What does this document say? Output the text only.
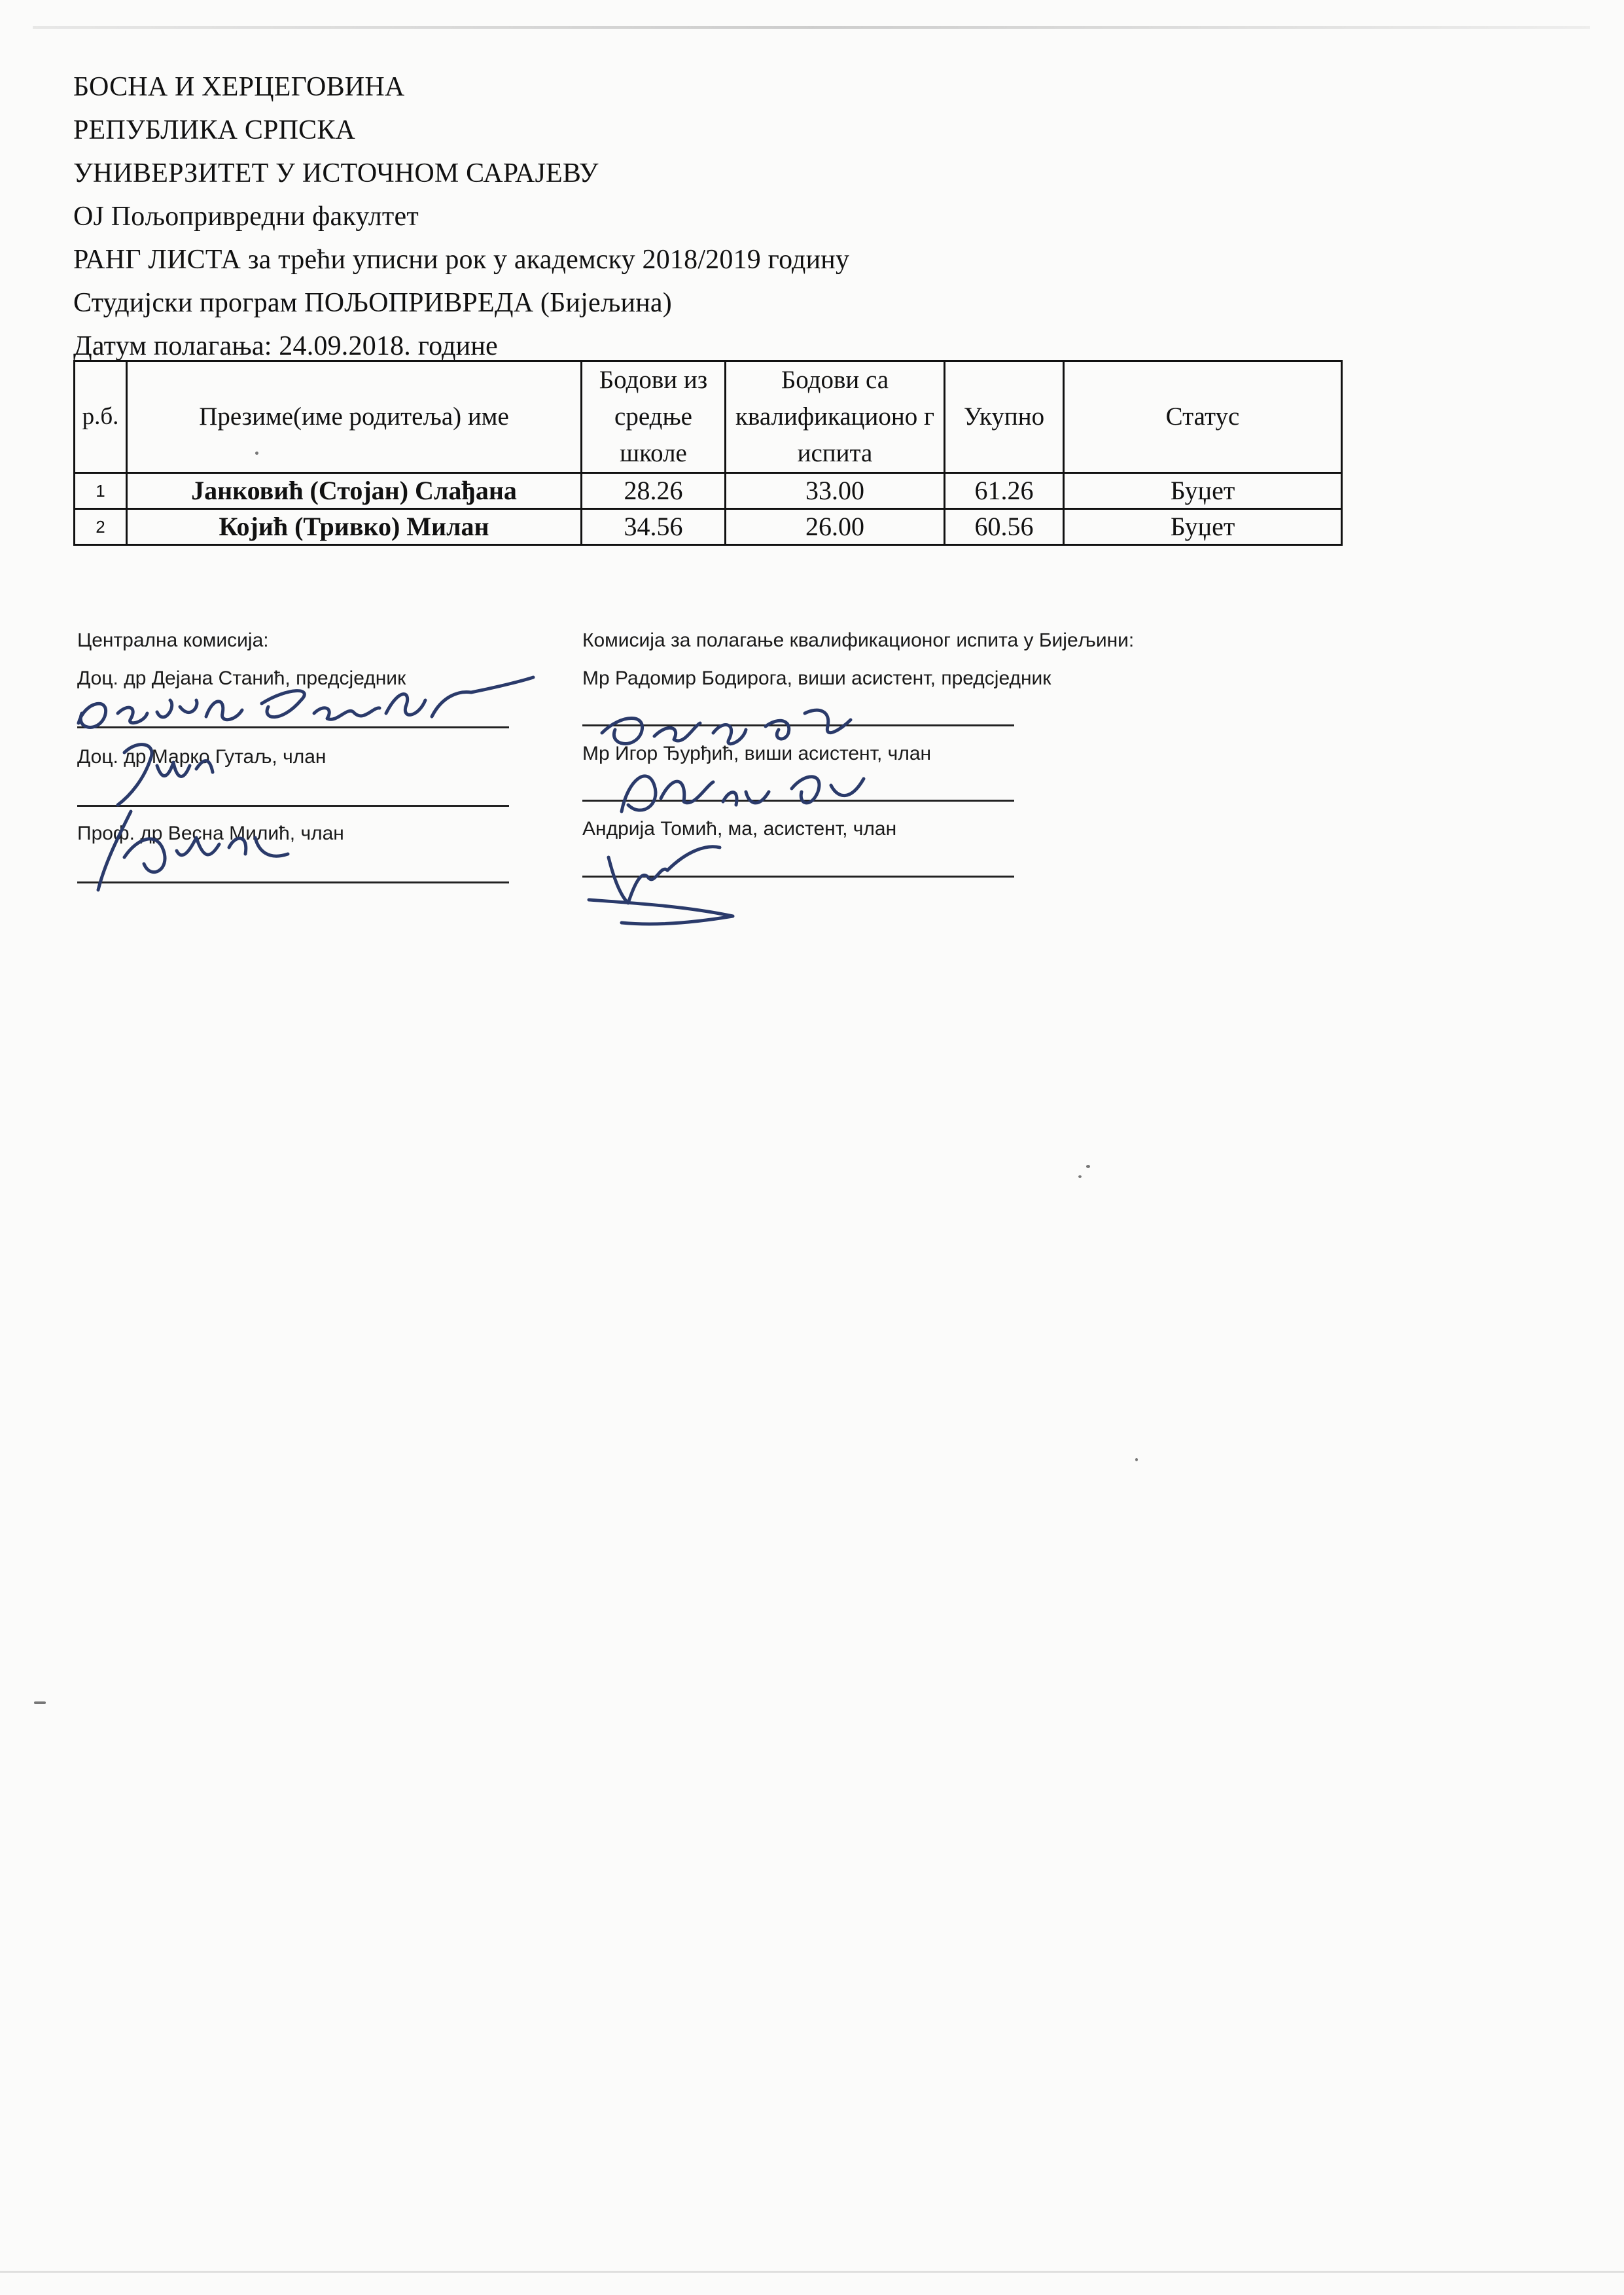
БОСНА И ХЕРЦЕГОВИНА
РЕПУБЛИКА СРПСКА
УНИВЕРЗИТЕТ У ИСТОЧНОМ САРАЈЕВУ
ОЈ Пољопривредни факултет
РАНГ ЛИСТА за трећи уписни рок у академску 2018/2019 годину
Студијски програм ПОЉОПРИВРЕДА (Бијељина)
Датум полагања: 24.09.2018. године
р.б.	Презиме(име родитеља) име	Бодови из средње школе	Бодови са квалификационо г испита	Укупно	Статус
1	Јанковић (Стојан) Слађана	28.26	33.00	61.26	Буџет
2	Којић (Тривко) Милан	34.56	26.00	60.56	Буџет
Централна комисија:
Доц. др Дејана Станић, предсједник
Доц. др Марко Гутаљ, члан
Проф. др Весна Милић, члан
Комисија за полагање квалификационог испита у Бијељини:
Мр Радомир Бодирога, виши асистент, предсједник
Мр Игор Ђурђић, виши асистент, члан
Андрија Томић, ма, асистент, члан
